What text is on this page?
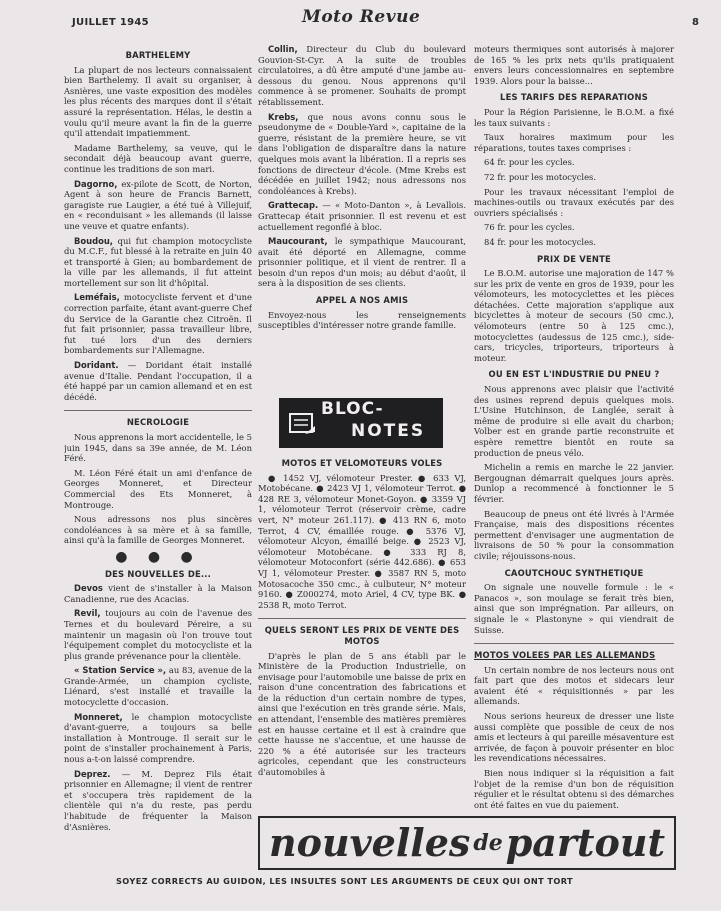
JUILLET 1945	Moto Revue	8
BARTHELEMY

La plupart de nos lecteurs connaissaient bien Barthelemy. Il avait su organiser, à Asnières, une vaste exposition des modèles les plus récents des marques dont il s'était assuré la représentation. Hélas, le destin a voulu qu'il meure avant la fin de la guerre qu'il attendait impatiemment.

Madame Barthelemy, sa veuve, qui le secondait déjà beaucoup avant guerre, continue les traditions de son mari.

Dagorno, ex-pilote de Scott, de Norton, Agent à son heure de Francis Barnett, garagiste rue Laugier, a été tué à Villejuif, en « reconduisant » les allemands (il laisse une veuve et quatre enfants).

Boudou, qui fut champion motocycliste du M.C.F., fut blessé à la retraite en juin 40 et transporté à Gien; au bombardement de la ville par les allemands, il fut atteint mortellement sur son lit d'hôpital.

Leméfais, motocycliste fervent et d'une correction parfaite, étant avant-guerre Chef du Service de la Garantie chez Citroën. Il fut fait prisonnier, passa travailleur libre, fut tué lors d'un des derniers bombardements sur l'Allemagne.

Doridant. — Doridant était installé avenue d'Italie. Pendant l'occupation, il a été happé par un camion allemand et en est décédé.

NECROLOGIE

Nous apprenons la mort accidentelle, le 5 juin 1945, dans sa 39e année, de M. Léon Féré.

M. Léon Féré était un ami d'enfance de Georges Monneret, et Directeur Commercial des Ets Monneret, à Montrouge.

Nous adressons nos plus sincères condoléances à sa mère et à sa famille, ainsi qu'à la famille de Georges Monneret.

● ● ●
DES NOUVELLES DE...

Devos vient de s'installer à la Maison Canadienne, rue des Acacias.

Revil, toujours au coin de l'avenue des Ternes et du boulevard Péreire, a su maintenir un magasin où l'on trouve tout l'équipement complet du motocycliste et la plus grande prévenance pour la clientèle.

« Station Service », au 83, avenue de la Grande-Armée, un champion cycliste, Liénard, s'est installé et travaille la motocyclette d'occasion.

Monneret, le champion motocycliste d'avant-guerre, a toujours sa belle installation à Montrouge. Il serait sur le point de s'installer prochainement à Paris, nous a-t-on laissé comprendre.

Deprez. — M. Deprez Fils était prisonnier en Allemagne; il vient de rentrer et s'occupera très rapidement de la clientèle qui n'a du reste, pas perdu l'habitude de fréquenter la Maison d'Asnières.

Collin, Directeur du Club du boulevard Gouvion-St-Cyr. A la suite de troubles circulatoires, a dû être amputé d'une jambe au-dessous du genou. Nous apprenons qu'il commence à se promener. Souhaits de prompt rétablissement.

Krebs, que nous avons connu sous le pseudonyme de « Double-Yard », capitaine de la guerre, résistant de la première heure, se vit dans l'obligation de disparaître dans la nature quelques mois avant la libération. Il a repris ses fonctions de directeur d'école. (Mme Krebs est décédée en juillet 1942; nous adressons nos condoléances à Krebs).

Grattecap. — « Moto-Danton », à Levallois. Grattecap était prisonnier. Il est revenu et est actuellement regonflé à bloc.

Maucourant, le sympathique Maucourant, avait été déporté en Allemagne, comme prisonnier politique, et il vient de rentrer. Il a besoin d'un repos d'un mois; au début d'août, il sera à la disposition de ses clients.

APPEL A NOS AMIS

Envoyez-nous les renseignements susceptibles d'intéresser notre grande famille.

BLOC-
NOTES
MOTOS ET VELOMOTEURS VOLES

● 1452 VJ, vélomoteur Prester. ● 633 VJ, Motobécane. ● 2423 VJ 1, vélomoteur Terrot. ● 428 RE 3, vélomoteur Monet-Goyon. ● 3359 VJ 1, vélomoteur Terrot (réservoir crème, cadre vert, N° moteur 261.117). ● 413 RN 6, moto Terrot, 4 CV, émaillée rouge. ● 5376 VJ, vélomoteur Alcyon, émaillé beige. ● 2523 VJ, vélomoteur Motobécane. ● 333 RJ 8, vélomoteur Motoconfort (série 442.686). ● 653 VJ 1, vélomoteur Prester. ● 3587 RN 5, moto Motosacoche 350 cmc., à culbuteur, N° moteur 9160. ● Z000274, moto Ariel, 4 CV, type BK. ● 2538 R, moto Terrot.

QUELS SERONT LES PRIX DE VENTE DES MOTOS

D'après le plan de 5 ans établi par le Ministère de la Production Industrielle, on envisage pour l'automobile une baisse de prix en raison d'une concentration des fabrications et de la réduction d'un certain nombre de types, ainsi que l'exécution en très grande série. Mais, en attendant, l'ensemble des matières premières est en hausse certaine et il est à craindre que cette hausse ne s'accentue, et une hausse de 220 % a été autorisée sur les tracteurs agricoles, cependant que les constructeurs d'automobiles à

moteurs thermiques sont autorisés à majorer de 165 % les prix nets qu'ils pratiquaient envers leurs concessionnaires en septembre 1939. Alors pour la baisse...

LES TARIFS DES REPARATIONS

Pour la Région Parisienne, le B.O.M. a fixé les taux suivants :

Taux horaires maximum pour les réparations, toutes taxes comprises :

64 fr. pour les cycles.

72 fr. pour les motocycles.

Pour les travaux nécessitant l'emploi de machines-outils ou travaux exécutés par des ouvriers spécialisés :

76 fr. pour les cycles.

84 fr. pour les motocycles.

PRIX DE VENTE

Le B.O.M. autorise une majoration de 147 % sur les prix de vente en gros de 1939, pour les vélomoteurs, les motocyclettes et les pièces détachées. Cette majoration s'applique aux bicyclettes à moteur de secours (50 cmc.), vélomoteurs (entre 50 à 125 cmc.), motocyclettes (audessus de 125 cmc.), side-cars, tricycles, triporteurs, triporteurs à moteur.

OU EN EST L'INDUSTRIE DU PNEU ?

Nous apprenons avec plaisir que l'activité des usines reprend depuis quelques mois. L'Usine Hutchinson, de Langlée, serait à même de produire si elle avait du charbon; Volber est en grande partie reconstruite et espère remettre bientôt en route sa production de pneus vélo.

Michelin a remis en marche le 22 janvier. Bergougnan démarrait quelques jours après. Dunlop a recommencé à fonctionner le 5 février.

Beaucoup de pneus ont été livrés à l'Armée Française, mais des dispositions récentes permettent d'envisager une augmentation de livraisons de 50 % pour la consommation civile; réjouissons-nous.

CAOUTCHOUC SYNTHETIQUE

On signale une nouvelle formule : le « Panacos », son moulage se ferait très bien, ainsi que son imprégnation. Par ailleurs, on signale le « Plastonyne » qui viendrait de Suisse.

MOTOS VOLEES PAR LES ALLEMANDS

Un certain nombre de nos lecteurs nous ont fait part que des motos et sidecars leur avaient été « réquisitionnés » par les allemands.

Nous serions heureux de dresser une liste aussi complète que possible de ceux de nos amis et lecteurs à qui pareille mésaventure est arrivée, de façon à pouvoir présenter en bloc les revendications nécessaires.

Bien nous indiquer si la réquisition a fait l'objet de la remise d'un bon de réquisition régulier et le résultat obtenu si des démarches ont été faites en vue du paiement.

nouvelles de partout
SOYEZ CORRECTS AU GUIDON, LES INSULTES SONT LES ARGUMENTS DE CEUX QUI ONT TORT
